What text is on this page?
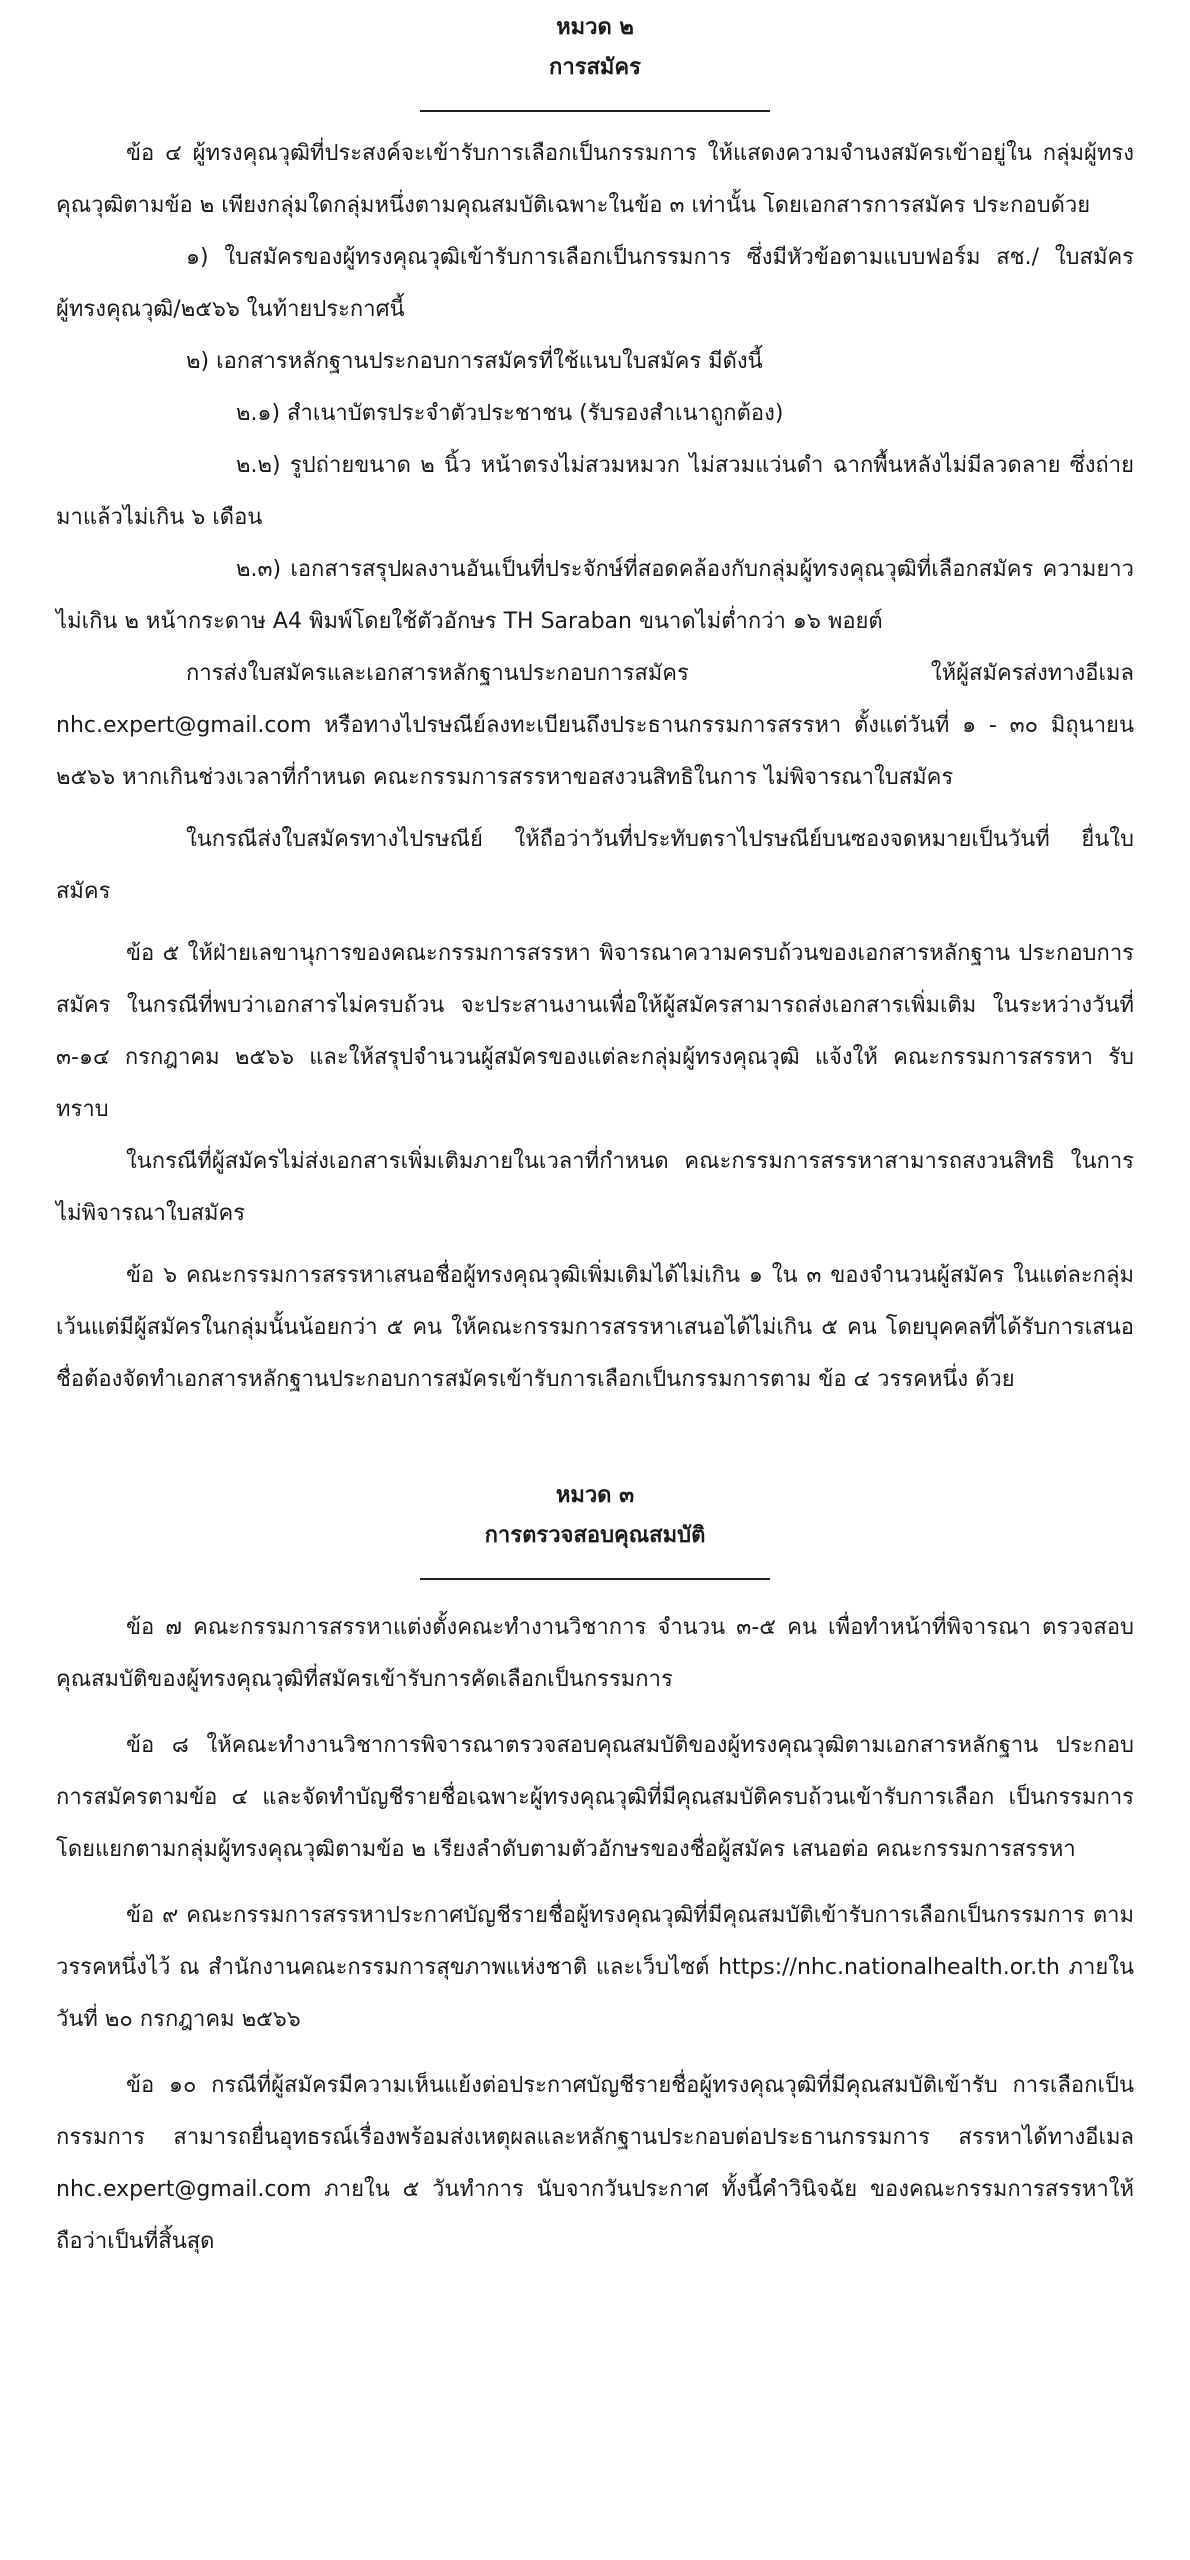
หมวด ๒
การสมัคร

ข้อ ๔ ผู้ทรงคุณวุฒิที่ประสงค์จะเข้ารับการเลือกเป็นกรรมการ ให้แสดงความจำนงสมัครเข้าอยู่ใน กลุ่มผู้ทรงคุณวุฒิตามข้อ ๒ เพียงกลุ่มใดกลุ่มหนึ่งตามคุณสมบัติเฉพาะในข้อ ๓ เท่านั้น โดยเอกสารการสมัคร ประกอบด้วย

๑) ใบสมัครของผู้ทรงคุณวุฒิเข้ารับการเลือกเป็นกรรมการ ซึ่งมีหัวข้อตามแบบฟอร์ม สช./ ใบสมัครผู้ทรงคุณวุฒิ/๒๕๖๖ ในท้ายประกาศนี้

๒) เอกสารหลักฐานประกอบการสมัครที่ใช้แนบใบสมัคร มีดังนี้

๒.๑) สำเนาบัตรประจำตัวประชาชน (รับรองสำเนาถูกต้อง)

๒.๒) รูปถ่ายขนาด ๒ นิ้ว หน้าตรงไม่สวมหมวก ไม่สวมแว่นดำ ฉากพื้นหลังไม่มีลวดลาย ซึ่งถ่ายมาแล้วไม่เกิน ๖ เดือน

๒.๓) เอกสารสรุปผลงานอันเป็นที่ประจักษ์ที่สอดคล้องกับกลุ่มผู้ทรงคุณวุฒิที่เลือกสมัคร ความยาวไม่เกิน ๒ หน้ากระดาษ A4 พิมพ์โดยใช้ตัวอักษร TH Saraban ขนาดไม่ต่ำกว่า ๑๖ พอยต์

การส่งใบสมัครและเอกสารหลักฐานประกอบการสมัคร ให้ผู้สมัครส่งทางอีเมล nhc.expert@gmail.com หรือทางไปรษณีย์ลงทะเบียนถึงประธานกรรมการสรรหา ตั้งแต่วันที่ ๑ - ๓๐ มิถุนายน ๒๕๖๖ หากเกินช่วงเวลาที่กำหนด คณะกรรมการสรรหาขอสงวนสิทธิในการ ไม่พิจารณาใบสมัคร

ในกรณีส่งใบสมัครทางไปรษณีย์ ให้ถือว่าวันที่ประทับตราไปรษณีย์บนซองจดหมายเป็นวันที่ ยื่นใบสมัคร

ข้อ ๕ ให้ฝ่ายเลขานุการของคณะกรรมการสรรหา พิจารณาความครบถ้วนของเอกสารหลักฐาน ประกอบการสมัคร ในกรณีที่พบว่าเอกสารไม่ครบถ้วน จะประสานงานเพื่อให้ผู้สมัครสามารถส่งเอกสารเพิ่มเติม ในระหว่างวันที่ ๓-๑๔ กรกฎาคม ๒๕๖๖ และให้สรุปจำนวนผู้สมัครของแต่ละกลุ่มผู้ทรงคุณวุฒิ แจ้งให้ คณะกรรมการสรรหา รับทราบ

ในกรณีที่ผู้สมัครไม่ส่งเอกสารเพิ่มเติมภายในเวลาที่กำหนด คณะกรรมการสรรหาสามารถสงวนสิทธิ ในการไม่พิจารณาใบสมัคร

ข้อ ๖ คณะกรรมการสรรหาเสนอชื่อผู้ทรงคุณวุฒิเพิ่มเติมได้ไม่เกิน ๑ ใน ๓ ของจำนวนผู้สมัคร ในแต่ละกลุ่ม เว้นแต่มีผู้สมัครในกลุ่มนั้นน้อยกว่า ๕ คน ให้คณะกรรมการสรรหาเสนอได้ไม่เกิน ๕ คน โดยบุคคลที่ได้รับการเสนอชื่อต้องจัดทำเอกสารหลักฐานประกอบการสมัครเข้ารับการเลือกเป็นกรรมการตาม ข้อ ๔ วรรคหนึ่ง ด้วย

หมวด ๓
การตรวจสอบคุณสมบัติ

ข้อ ๗ คณะกรรมการสรรหาแต่งตั้งคณะทำงานวิชาการ จำนวน ๓-๕ คน เพื่อทำหน้าที่พิจารณา ตรวจสอบคุณสมบัติของผู้ทรงคุณวุฒิที่สมัครเข้ารับการคัดเลือกเป็นกรรมการ

ข้อ ๘ ให้คณะทำงานวิชาการพิจารณาตรวจสอบคุณสมบัติของผู้ทรงคุณวุฒิตามเอกสารหลักฐาน ประกอบการสมัครตามข้อ ๔ และจัดทำบัญชีรายชื่อเฉพาะผู้ทรงคุณวุฒิที่มีคุณสมบัติครบถ้วนเข้ารับการเลือก เป็นกรรมการ โดยแยกตามกลุ่มผู้ทรงคุณวุฒิตามข้อ ๒ เรียงลำดับตามตัวอักษรของชื่อผู้สมัคร เสนอต่อ คณะกรรมการสรรหา

ข้อ ๙ คณะกรรมการสรรหาประกาศบัญชีรายชื่อผู้ทรงคุณวุฒิที่มีคุณสมบัติเข้ารับการเลือกเป็นกรรมการ ตามวรรคหนึ่งไว้ ณ สำนักงานคณะกรรมการสุขภาพแห่งชาติ และเว็บไซต์ https://nhc.nationalhealth.or.th ภายในวันที่ ๒๐ กรกฎาคม ๒๕๖๖

ข้อ ๑๐ กรณีที่ผู้สมัครมีความเห็นแย้งต่อประกาศบัญชีรายชื่อผู้ทรงคุณวุฒิที่มีคุณสมบัติเข้ารับ การเลือกเป็นกรรมการ สามารถยื่นอุทธรณ์เรื่องพร้อมส่งเหตุผลและหลักฐานประกอบต่อประธานกรรมการ สรรหาได้ทางอีเมล nhc.expert@gmail.com ภายใน ๕ วันทำการ นับจากวันประกาศ ทั้งนี้คำวินิจฉัย ของคณะกรรมการสรรหาให้ถือว่าเป็นที่สิ้นสุด
